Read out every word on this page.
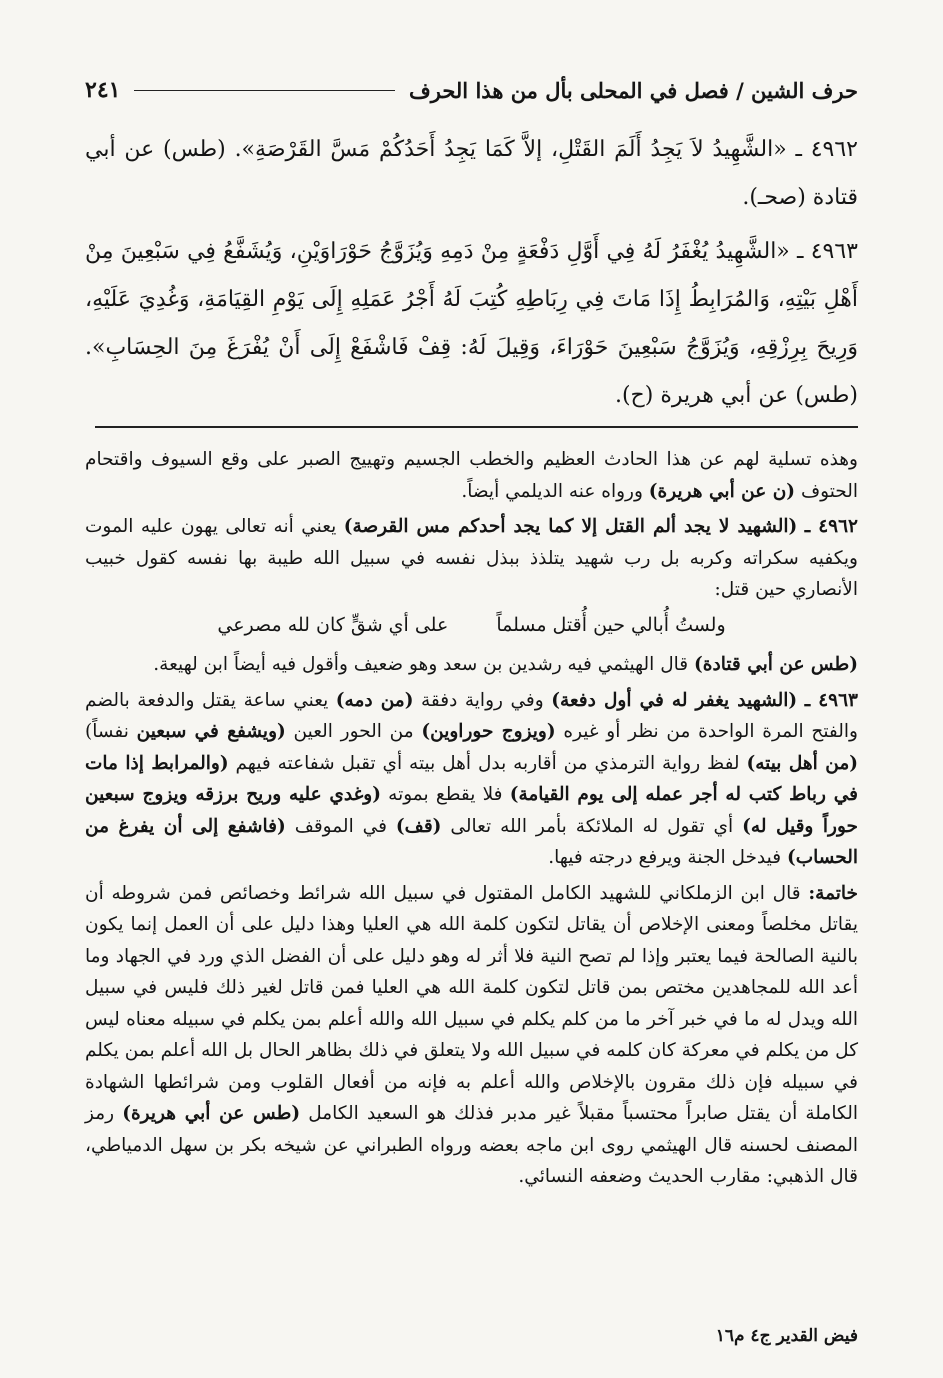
حرف الشين / فصل في المحلى بأل من هذا الحرف
٢٤١

٤٩٦٢ ـ «الشَّهِيدُ لاَ يَجِدُ أَلَمَ القَتْلِ، إلاَّ كَمَا يَجِدُ أَحَدُكُمْ مَسَّ القَرْصَةِ». (طس) عن أبي قتادة (صحـ).

٤٩٦٣ ـ «الشَّهِيدُ يُغْفَرُ لَهُ فِي أَوَّلِ دَفْعَةٍ مِنْ دَمِهِ وَيُزَوَّجُ حَوْرَاوَيْنِ، وَيُشَفَّعُ فِي سَبْعِينَ مِنْ أَهْلِ بَيْتِهِ، وَالمُرَابِطُ إِذَا مَاتَ فِي رِبَاطِهِ كُتِبَ لَهُ أَجْرُ عَمَلِهِ إِلَى يَوْمِ القِيَامَةِ، وَغُدِيَ عَلَيْهِ، وَرِيحَ بِرِزْقِهِ، وَيُزَوَّجُ سَبْعِينَ حَوْرَاءَ، وَقِيلَ لَهُ: قِفْ فَاشْفَعْ إِلَى أَنْ يُفْرَغَ مِنَ الحِسَابِ». (طس) عن أبي هريرة (ح).

وهذه تسلية لهم عن هذا الحادث العظيم والخطب الجسيم وتهييج الصبر على وقع السيوف واقتحام الحتوف (ن عن أبي هريرة) ورواه عنه الديلمي أيضاً.

٤٩٦٢ ـ (الشهيد لا يجد ألم القتل إلا كما يجد أحدكم مس القرصة) يعني أنه تعالى يهون عليه الموت ويكفيه سكراته وكربه بل رب شهيد يتلذذ ببذل نفسه في سبيل الله طيبة بها نفسه كقول خبيب الأنصاري حين قتل:

ولستُ أُبالي حين أُقتل مسلماً
على أي شقٍّ كان لله مصرعي

(طس عن أبي قتادة) قال الهيثمي فيه رشدين بن سعد وهو ضعيف وأقول فيه أيضاً ابن لهيعة.

٤٩٦٣ ـ (الشهيد يغفر له في أول دفعة) وفي رواية دفقة (من دمه) يعني ساعة يقتل والدفعة بالضم والفتح المرة الواحدة من نظر أو غيره (ويزوج حوراوين) من الحور العين (ويشفع في سبعين نفساً) (من أهل بيته) لفظ رواية الترمذي من أقاربه بدل أهل بيته أي تقبل شفاعته فيهم (والمرابط إذا مات في رباط كتب له أجر عمله إلى يوم القيامة) فلا يقطع بموته (وغدي عليه وريح برزقه ويزوج سبعين حوراً وقيل له) أي تقول له الملائكة بأمر الله تعالى (قف) في الموقف (فاشفع إلى أن يفرغ من الحساب) فيدخل الجنة ويرفع درجته فيها.

خاتمة: قال ابن الزملكاني للشهيد الكامل المقتول في سبيل الله شرائط وخصائص فمن شروطه أن يقاتل مخلصاً ومعنى الإخلاص أن يقاتل لتكون كلمة الله هي العليا وهذا دليل على أن العمل إنما يكون بالنية الصالحة فيما يعتبر وإذا لم تصح النية فلا أثر له وهو دليل على أن الفضل الذي ورد في الجهاد وما أعد الله للمجاهدين مختص بمن قاتل لتكون كلمة الله هي العليا فمن قاتل لغير ذلك فليس في سبيل الله ويدل له ما في خبر آخر ما من كلم يكلم في سبيل الله والله أعلم بمن يكلم في سبيله معناه ليس كل من يكلم في معركة كان كلمه في سبيل الله ولا يتعلق في ذلك بظاهر الحال بل الله أعلم بمن يكلم في سبيله فإن ذلك مقرون بالإخلاص والله أعلم به فإنه من أفعال القلوب ومن شرائطها الشهادة الكاملة أن يقتل صابراً محتسباً مقبلاً غير مدبر فذلك هو السعيد الكامل (طس عن أبي هريرة) رمز المصنف لحسنه قال الهيثمي روى ابن ماجه بعضه ورواه الطبراني عن شيخه بكر بن سهل الدمياطي، قال الذهبي: مقارب الحديث وضعفه النسائي.

فيض القدير ج٤ م١٦
